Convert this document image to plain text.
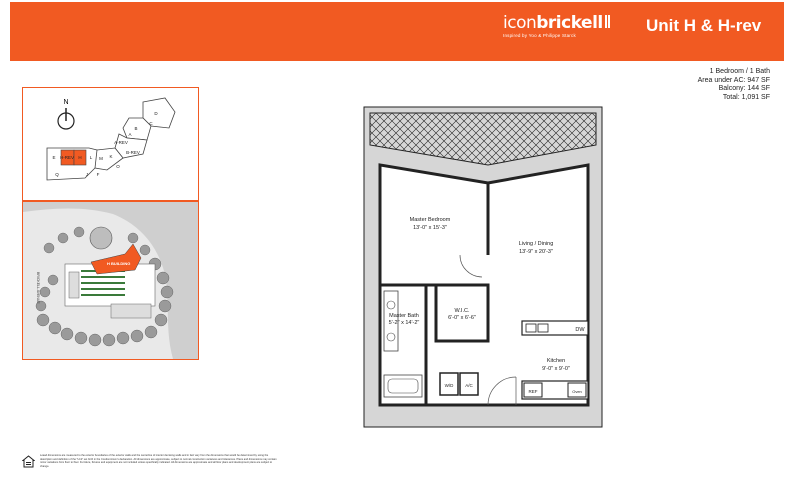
iconbrickell
Inspired by Yoo & Philippe Starck
Unit H & H-rev
1 Bedroom / 1 Bath
Area under AC: 947 SF
Balcony: 144 SF
Total: 1,091 SF
N
D
C
B
A
A-REV
B-REV
L M K
E H-REV H
Q
O
J F
H BUILDING
BRICKELL AVENUE
Master Bedroom
13'-0" x 15'-3"
Living / Dining
13'-9" x 20'-3"
Master Bath
5'-2" x 14'-2"
W.I.C.
6'-0" x 6'-6"
Kitchen
9'-0" x 9'-0"
DW
W/D	A/C
REF	Oven
Loasd dimensions are measured to the exterior boundaries of the exterior walls and the centerline of interior demising walls and in fact vary from the dimensions that would be determined by using the description and definition of the "Unit" set forth in the Condominium's declaration. All dimensions are approximate, subject to normal construction variances and tolerances. Plans and dimensions may contain minor variations from floor to floor. Furniture, fixtures and equipment are not included unless specifically indicated. All dimensions are approximate and all floor plans and development plans are subject to change.
